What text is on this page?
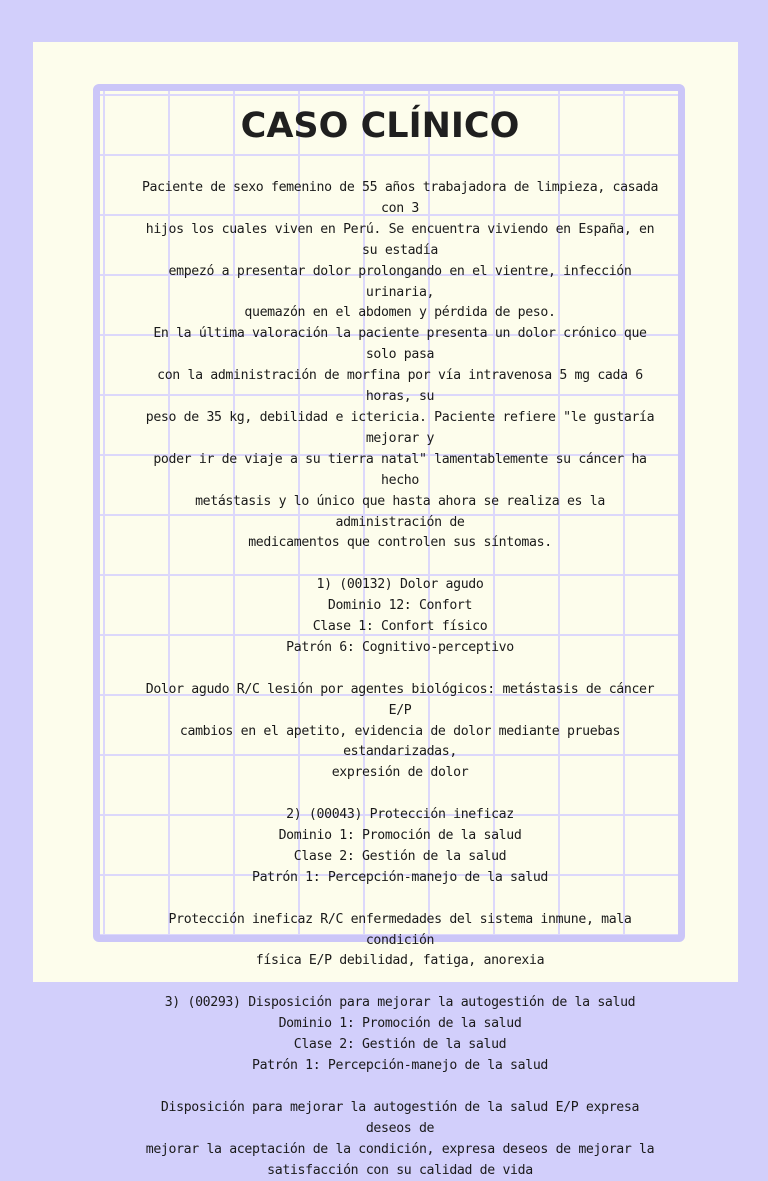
CASO CLÍNICO

Paciente de sexo femenino de 55 años trabajadora de limpieza, casada con 3

hijos los cuales viven en Perú. Se encuentra viviendo en España, en su estadía

empezó a presentar dolor prolongando en el vientre, infección urinaria,

quemazón en el abdomen y pérdida de peso.

En la última valoración la paciente presenta un dolor crónico que solo pasa

con la administración de morfina por vía intravenosa 5 mg cada 6 horas, su

peso de 35 kg, debilidad e ictericia. Paciente refiere "le gustaría mejorar y

poder ir de viaje a su tierra natal" lamentablemente su cáncer ha hecho

metástasis y lo único que hasta ahora se realiza es la administración de

medicamentos que controlen sus síntomas.

1) (00132) Dolor agudo

Dominio 12: Confort

Clase 1: Confort físico

Patrón 6: Cognitivo-perceptivo

Dolor agudo R/C lesión por agentes biológicos: metástasis de cáncer E/P

cambios en el apetito, evidencia de dolor mediante pruebas estandarizadas,

expresión de dolor

2) (00043) Protección ineficaz

Dominio 1: Promoción de la salud

Clase 2: Gestión de la salud

Patrón 1: Percepción-manejo de la salud

Protección ineficaz R/C enfermedades del sistema inmune, mala condición

física E/P debilidad, fatiga, anorexia

3) (00293) Disposición para mejorar la autogestión de la salud

Dominio 1: Promoción de la salud

Clase 2: Gestión de la salud

Patrón 1: Percepción-manejo de la salud

Disposición para mejorar la autogestión de la salud E/P expresa deseos de

mejorar la aceptación de la condición, expresa deseos de mejorar la

satisfacción con su calidad de vida
